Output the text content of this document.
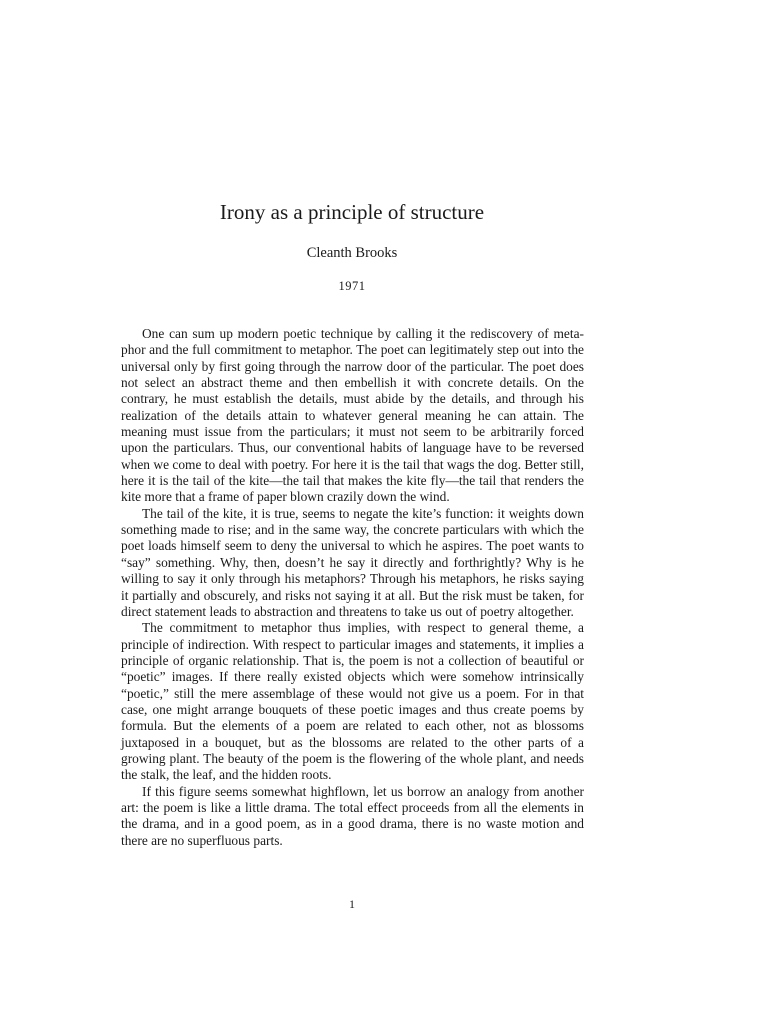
Irony as a principle of structure
Cleanth Brooks
1971

One can sum up modern poetic technique by calling it the rediscovery of metaphor and the full commitment to metaphor. The poet can legitimately step out into the universal only by first going through the narrow door of the particular. The poet does not select an abstract theme and then embellish it with concrete details. On the contrary, he must establish the details, must abide by the details, and through his realization of the details attain to whatever general meaning he can attain. The meaning must issue from the particulars; it must not seem to be arbitrarily forced upon the particulars. Thus, our conventional habits of language have to be reversed when we come to deal with poetry. For here it is the tail that wags the dog. Better still, here it is the tail of the kite—the tail that makes the kite fly—the tail that renders the kite more that a frame of paper blown crazily down the wind.

The tail of the kite, it is true, seems to negate the kite’s function: it weights down something made to rise; and in the same way, the concrete particulars with which the poet loads himself seem to deny the universal to which he aspires. The poet wants to “say” something. Why, then, doesn’t he say it directly and forthrightly? Why is he willing to say it only through his metaphors? Through his metaphors, he risks saying it partially and obscurely, and risks not saying it at all. But the risk must be taken, for direct statement leads to abstraction and threatens to take us out of poetry altogether.

The commitment to metaphor thus implies, with respect to general theme, a principle of indirection. With respect to particular images and statements, it implies a principle of organic relationship. That is, the poem is not a collection of beautiful or “poetic” images. If there really existed objects which were somehow intrinsically “poetic,” still the mere assemblage of these would not give us a poem. For in that case, one might arrange bouquets of these poetic images and thus create poems by formula. But the elements of a poem are related to each other, not as blossoms juxtaposed in a bouquet, but as the blossoms are related to the other parts of a growing plant. The beauty of the poem is the flowering of the whole plant, and needs the stalk, the leaf, and the hidden roots.

If this figure seems somewhat highflown, let us borrow an analogy from another art: the poem is like a little drama. The total effect proceeds from all the elements in the drama, and in a good poem, as in a good drama, there is no waste motion and there are no superfluous parts.

1
